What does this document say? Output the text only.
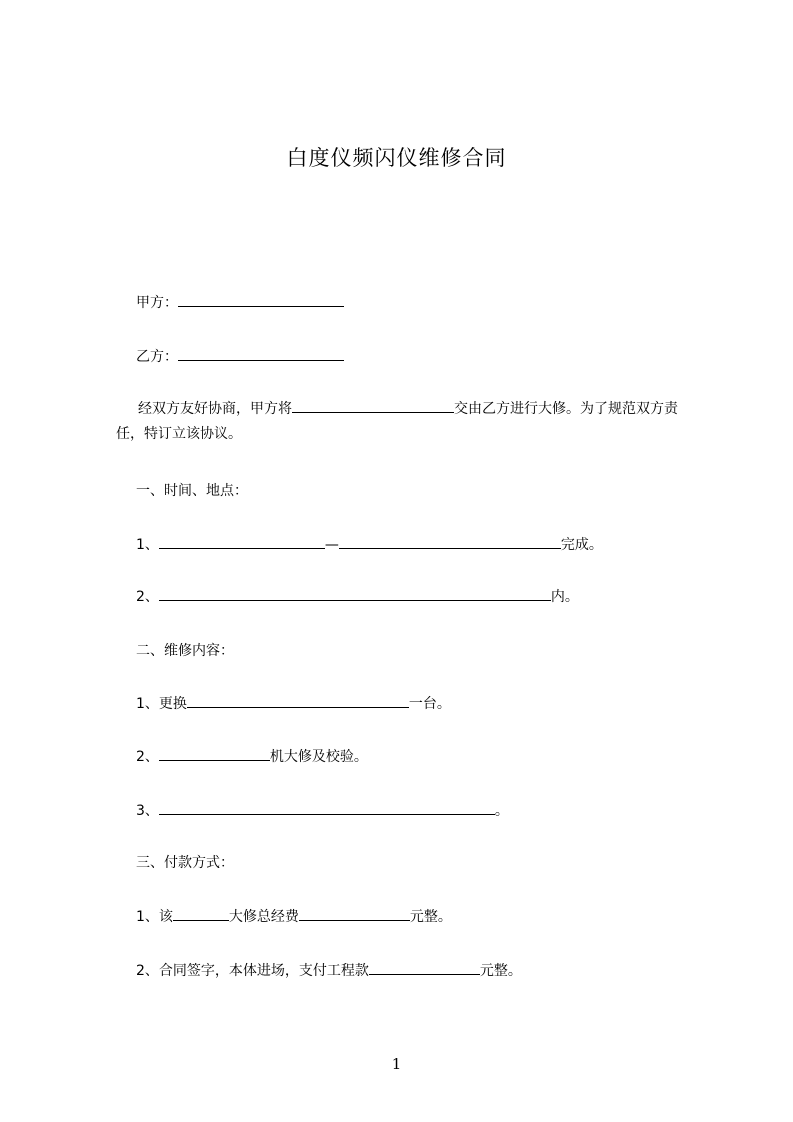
白度仪频闪仪维修合同
甲方：
乙方：
经双方友好协商，甲方将	交由乙方进行大修。为了规范双方责任，特订立该协议。
一、时间、地点：
1、	—	完成。
2、	内。
二、维修内容：
1、更换	一台。
2、	机大修及校验。
3、	。
三、付款方式：
1、该	大修总经费	元整。
2、合同签字，本体进场，支付工程款	元整。
1
